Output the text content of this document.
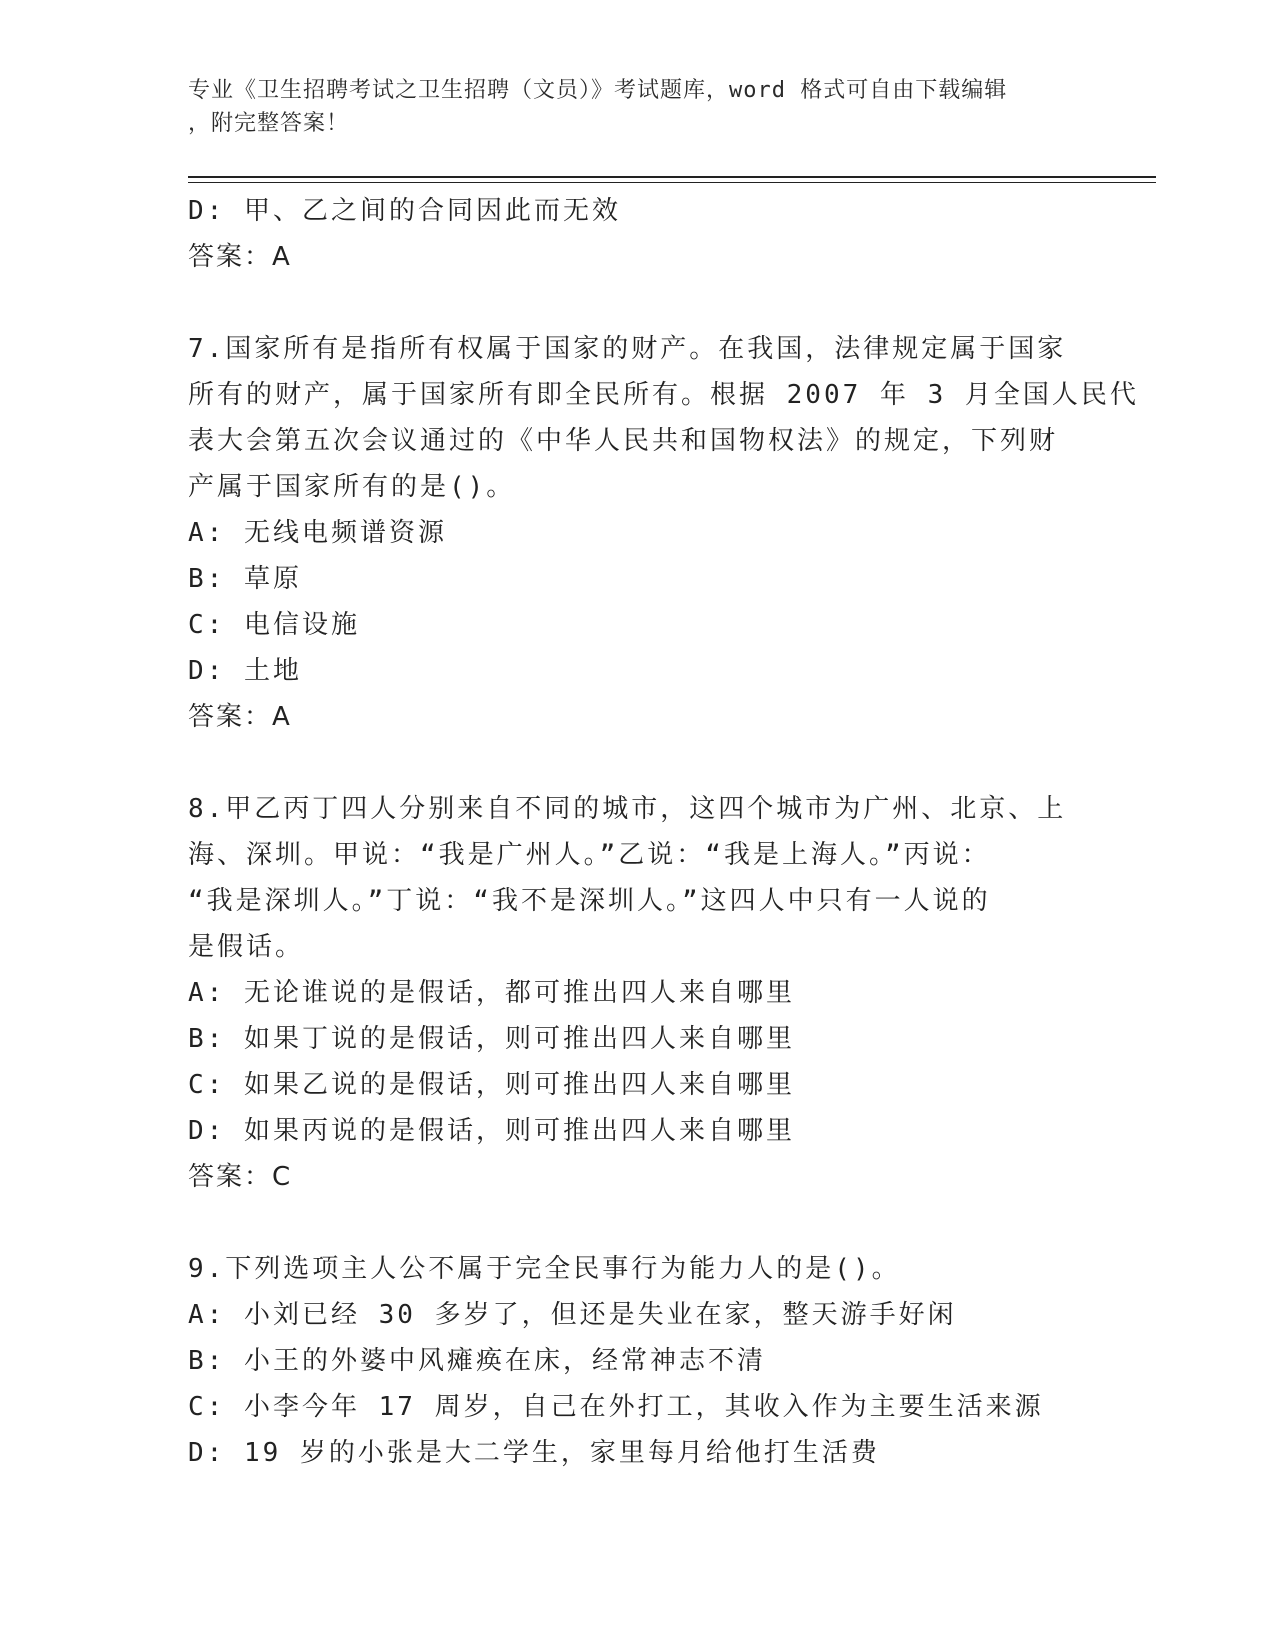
专业《卫生招聘考试之卫生招聘（文员）》考试题库，word 格式可自由下载编辑
，附完整答案！
D: 甲、乙之间的合同因此而无效
答案：A
7.国家所有是指所有权属于国家的财产。在我国，法律规定属于国家
所有的财产，属于国家所有即全民所有。根据 2007 年 3 月全国人民代
表大会第五次会议通过的《中华人民共和国物权法》的规定，下列财
产属于国家所有的是()。
A: 无线电频谱资源
B: 草原
C: 电信设施
D: 土地
答案：A
8.甲乙丙丁四人分别来自不同的城市，这四个城市为广州、北京、上
海、深圳。甲说：“我是广州人。”乙说：“我是上海人。”丙说：
“我是深圳人。”丁说：“我不是深圳人。”这四人中只有一人说的
是假话。
A: 无论谁说的是假话，都可推出四人来自哪里
B: 如果丁说的是假话，则可推出四人来自哪里
C: 如果乙说的是假话，则可推出四人来自哪里
D: 如果丙说的是假话，则可推出四人来自哪里
答案：C
9.下列选项主人公不属于完全民事行为能力人的是()。
A: 小刘已经 30 多岁了，但还是失业在家，整天游手好闲
B: 小王的外婆中风瘫痪在床，经常神志不清
C: 小李今年 17 周岁，自己在外打工，其收入作为主要生活来源
D: 19 岁的小张是大二学生，家里每月给他打生活费
